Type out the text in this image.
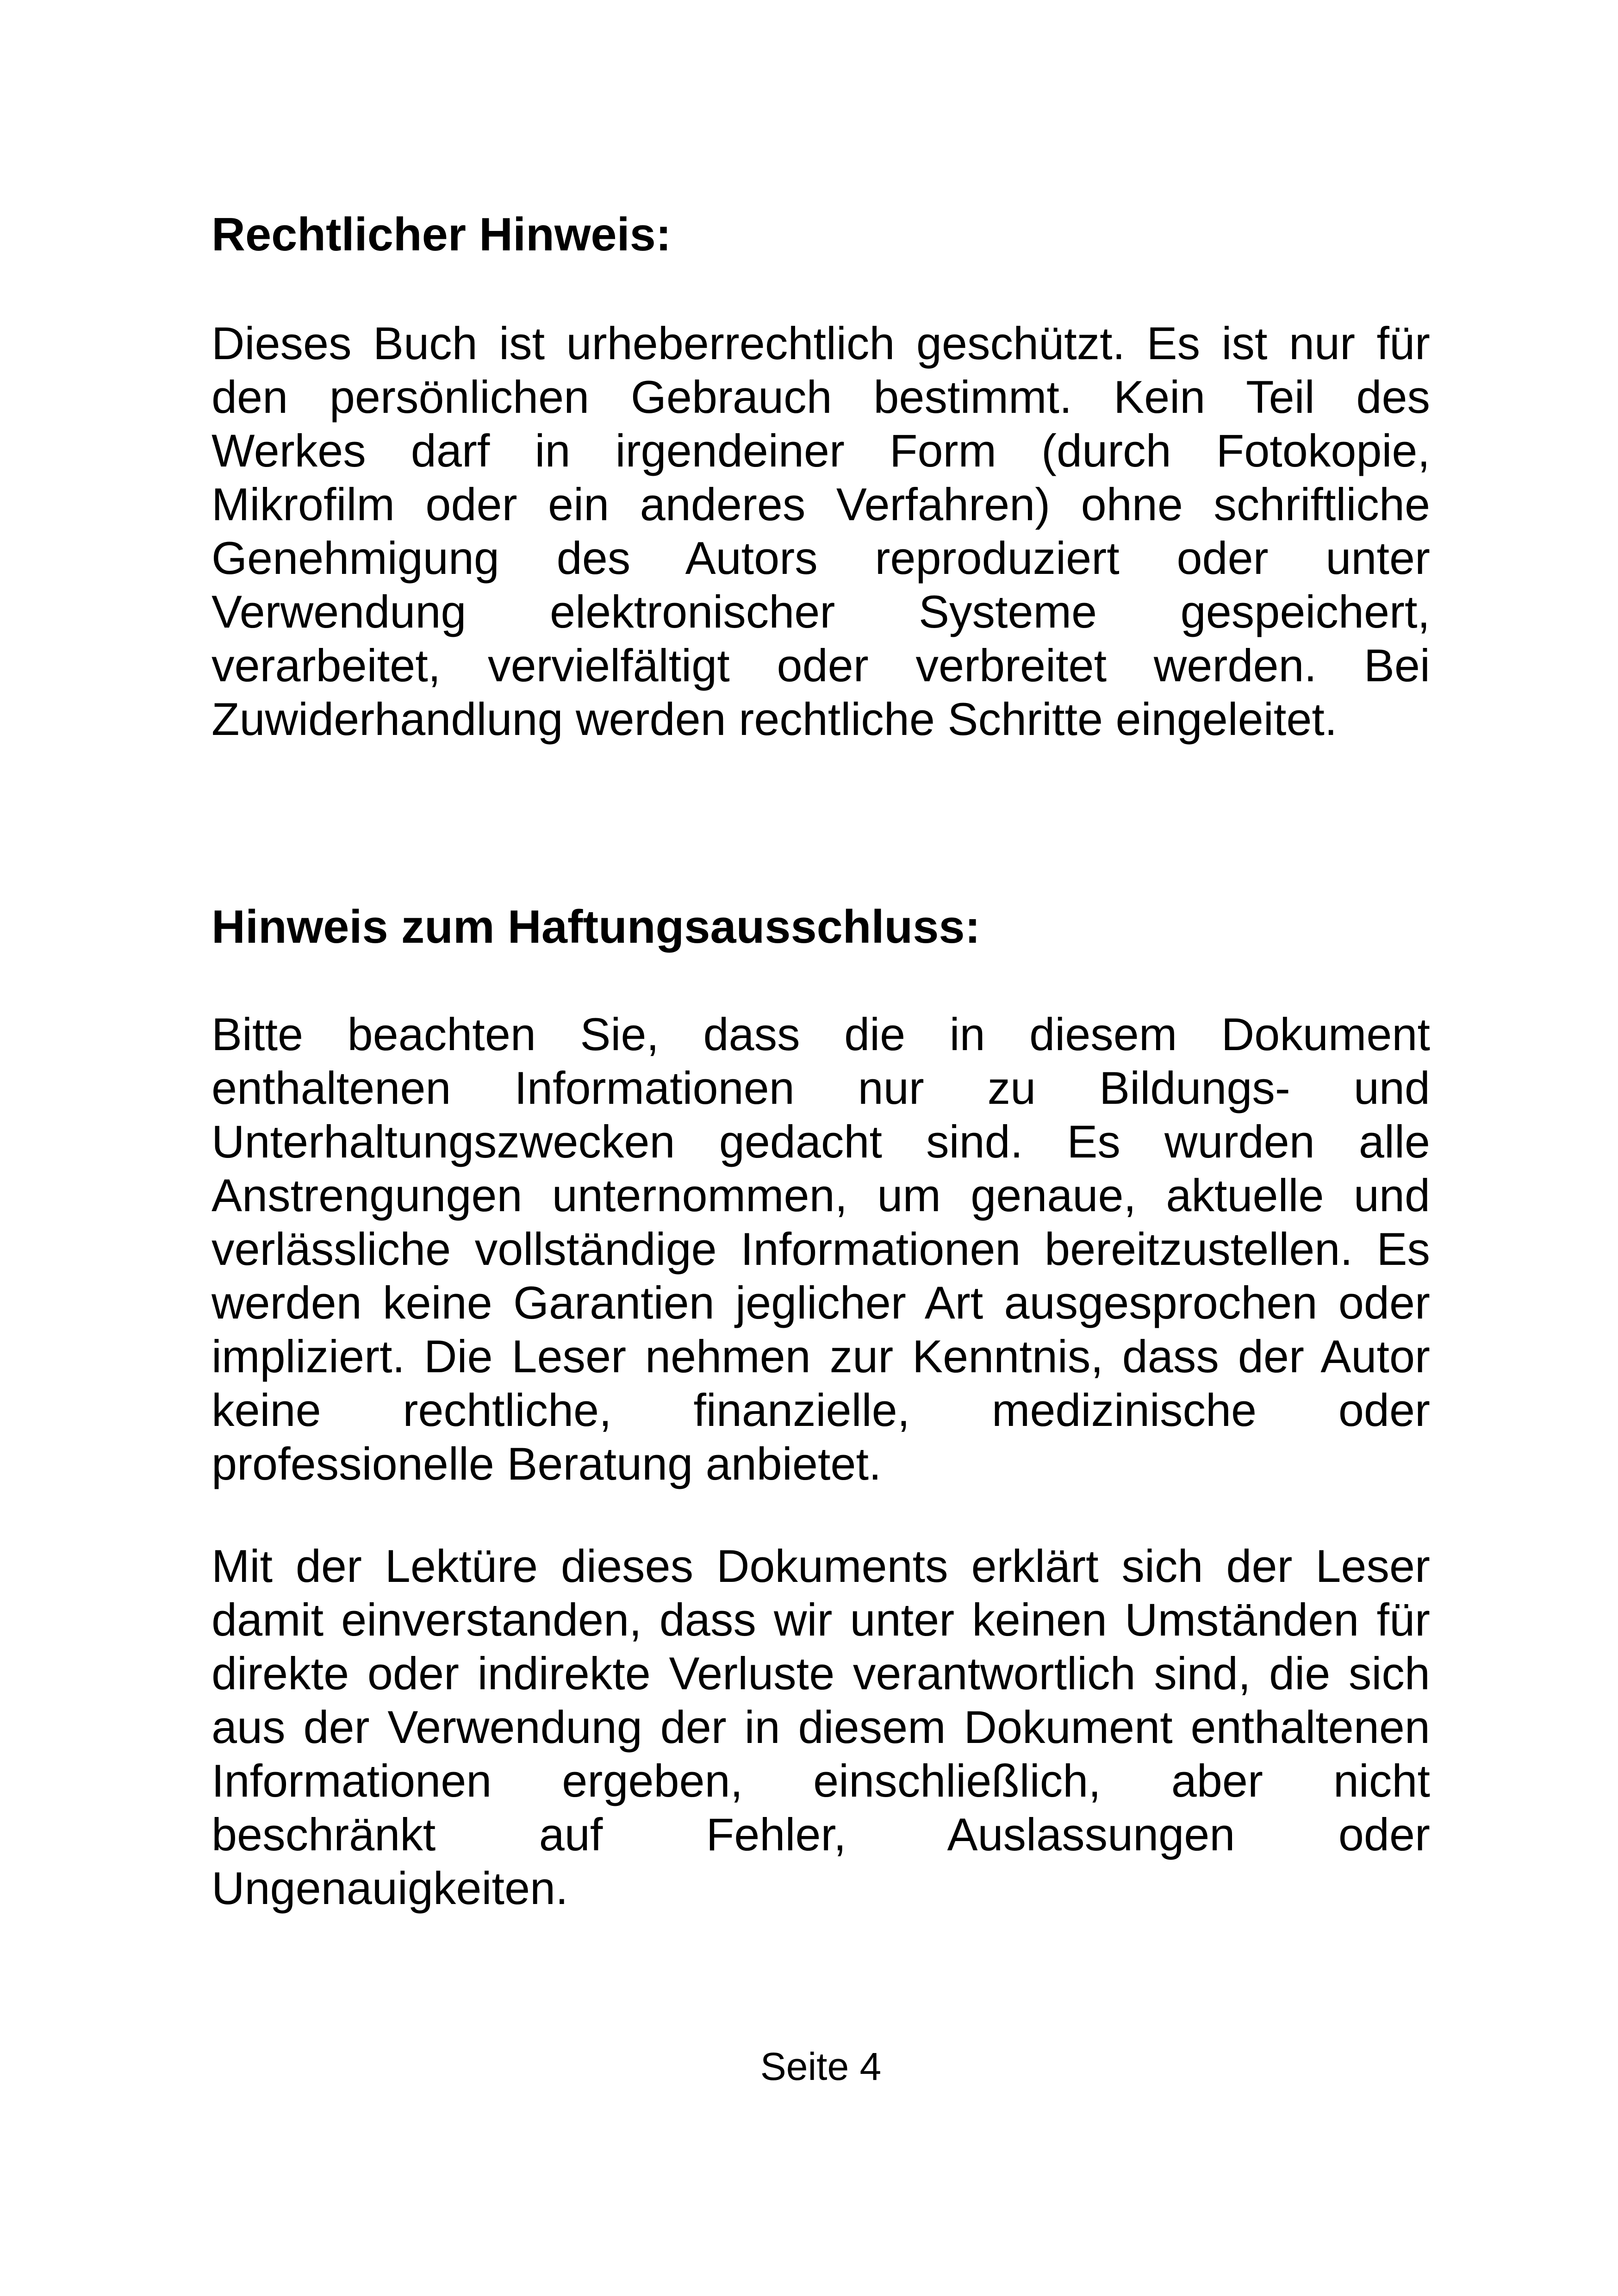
Rechtlicher Hinweis:
Dieses Buch ist urheberrechtlich geschützt. Es ist nur für
den persönlichen Gebrauch bestimmt. Kein Teil des
Werkes darf in irgendeiner Form (durch Fotokopie,
Mikrofilm oder ein anderes Verfahren) ohne schriftliche
Genehmigung des Autors reproduziert oder unter
Verwendung elektronischer Systeme gespeichert,
verarbeitet, vervielfältigt oder verbreitet werden. Bei
Zuwiderhandlung werden rechtliche Schritte eingeleitet.
Hinweis zum Haftungsausschluss:
Bitte beachten Sie, dass die in diesem Dokument
enthaltenen Informationen nur zu Bildungs- und
Unterhaltungszwecken gedacht sind. Es wurden alle
Anstrengungen unternommen, um genaue, aktuelle und
verlässliche vollständige Informationen bereitzustellen. Es
werden keine Garantien jeglicher Art ausgesprochen oder
impliziert. Die Leser nehmen zur Kenntnis, dass der Autor
keine rechtliche, finanzielle, medizinische oder
professionelle Beratung anbietet.
Mit der Lektüre dieses Dokuments erklärt sich der Leser
damit einverstanden, dass wir unter keinen Umständen für
direkte oder indirekte Verluste verantwortlich sind, die sich
aus der Verwendung der in diesem Dokument enthaltenen
Informationen ergeben, einschließlich, aber nicht
beschränkt auf Fehler, Auslassungen oder
Ungenauigkeiten.
Seite 4
